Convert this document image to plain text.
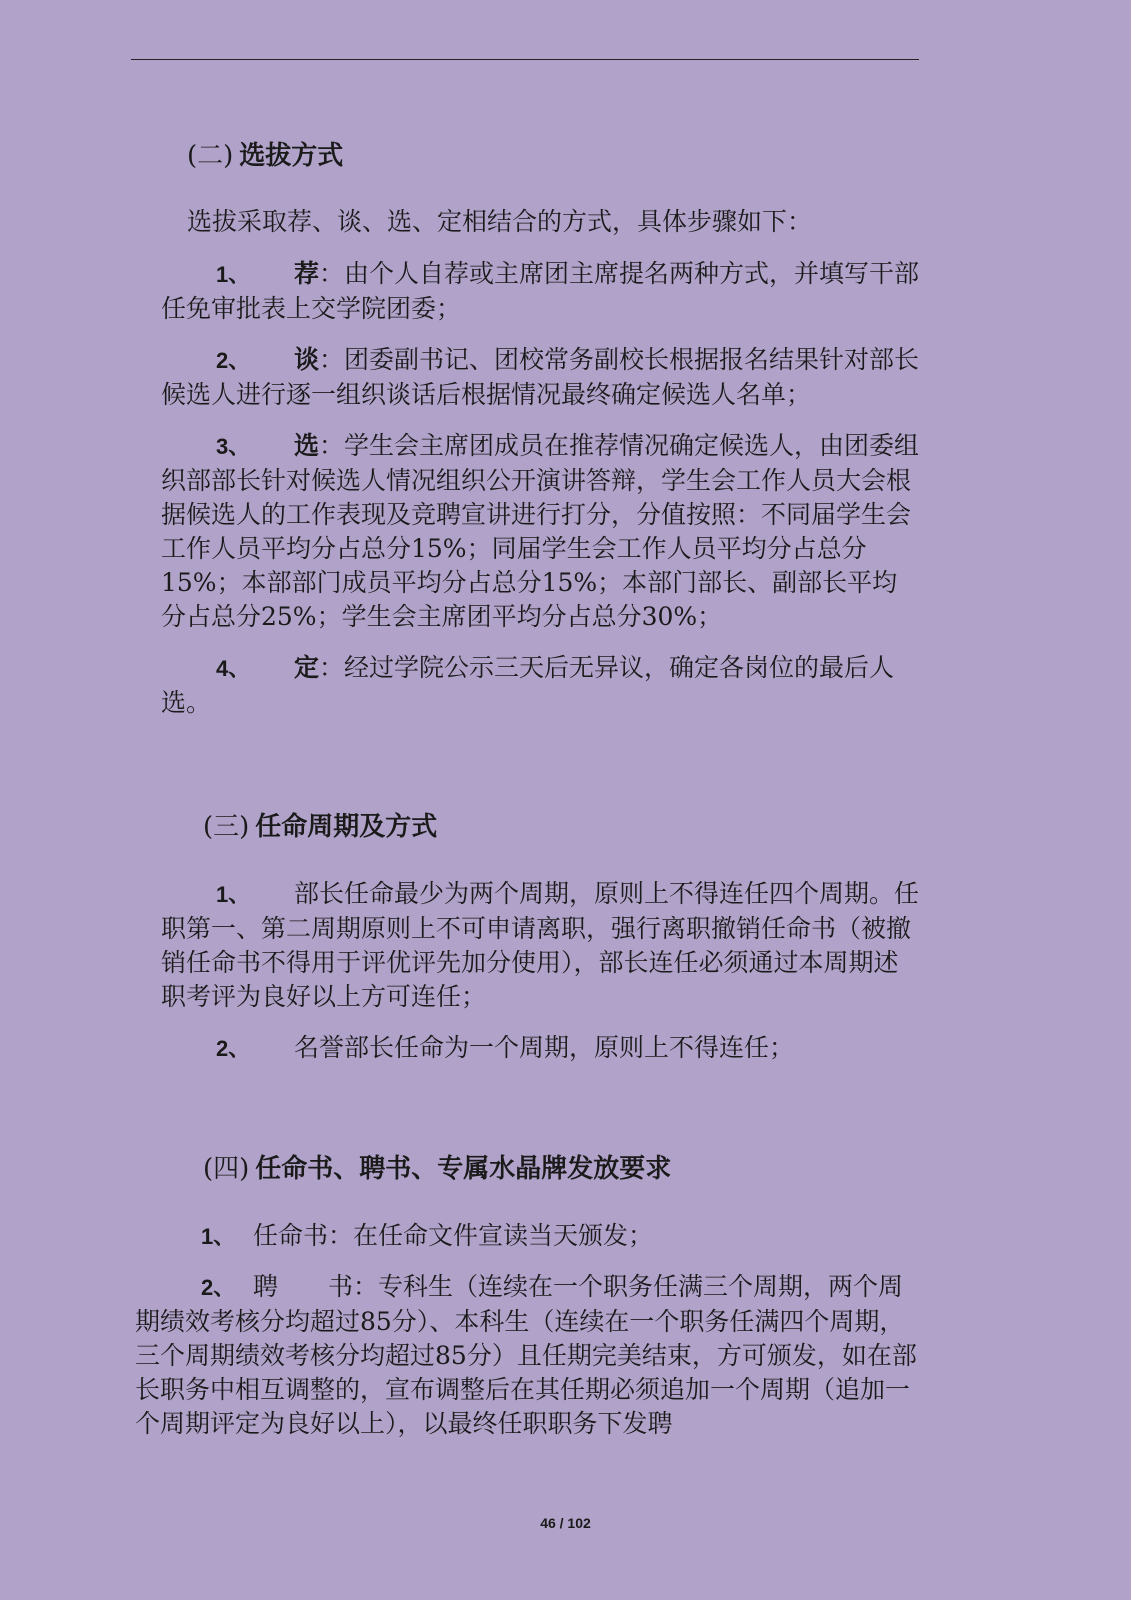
(二) 选拔方式
选拔采取荐、谈、选、定相结合的方式，具体步骤如下：
1、 荐：由个人自荐或主席团主席提名两种方式，并填写干部任免审批表上交学院团委；
2、 谈：团委副书记、团校常务副校长根据报名结果针对部长候选人进行逐一组织谈话后根据情况最终确定候选人名单；
3、 选：学生会主席团成员在推荐情况确定候选人，由团委组织部部长针对候选人情况组织公开演讲答辩，学生会工作人员大会根据候选人的工作表现及竞聘宣讲进行打分，分值按照：不同届学生会工作人员平均分占总分15%；同届学生会工作人员平均分占总分15%；本部部门成员平均分占总分15%；本部门部长、副部长平均分占总分25%；学生会主席团平均分占总分30%；
4、 定：经过学院公示三天后无异议，确定各岗位的最后人选。
(三) 任命周期及方式
1、 部长任命最少为两个周期，原则上不得连任四个周期。任职第一、第二周期原则上不可申请离职，强行离职撤销任命书（被撤销任命书不得用于评优评先加分使用），部长连任必须通过本周期述职考评为良好以上方可连任；
2、 名誉部长任命为一个周期，原则上不得连任；
(四) 任命书、聘书、专属水晶牌发放要求
1、 任命书：在任命文件宣读当天颁发；
2、 聘　　书：专科生（连续在一个职务任满三个周期，两个周期绩效考核分均超过85分）、本科生（连续在一个职务任满四个周期，三个周期绩效考核分均超过85分）且任期完美结束，方可颁发，如在部长职务中相互调整的，宣布调整后在其任期必须追加一个周期（追加一个周期评定为良好以上），以最终任职职务下发聘
46 / 102
